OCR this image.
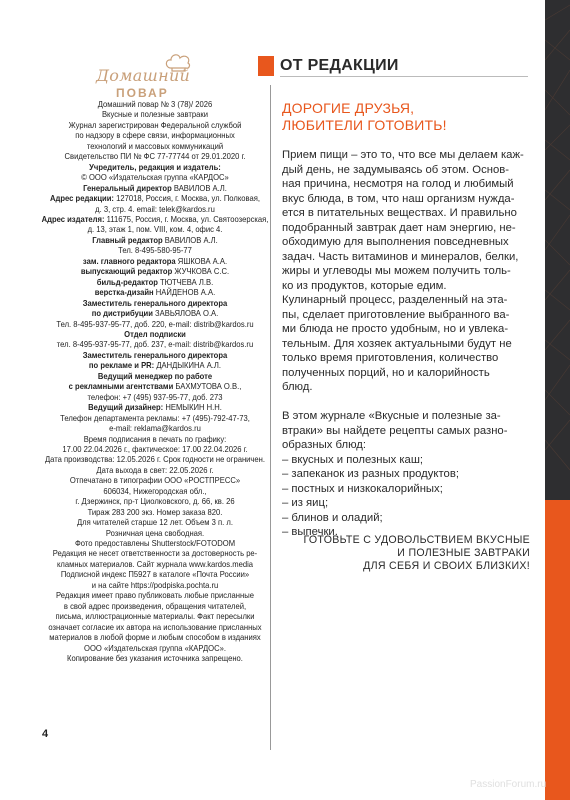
Домашний
ПОВАР
Домашний повар № 3 (78)/ 2026
Вкусные и полезные завтраки
Журнал зарегистрирован Федеральной службой
по надзору в сфере связи, информационных
технологий и массовых коммуникаций
Свидетельство ПИ № ФС 77-77744 от 29.01.2020 г.
Учредитель, редакция и издатель:
© ООО «Издательская группа «КАРДОС»
Генеральный директор ВАВИЛОВ А.Л.
Адрес редакции: 127018, Россия, г. Москва, ул. Полковая,
д. 3, стр. 4. email: telek@kardos.ru
Адрес издателя: 111675, Россия, г. Москва, ул. Святоозерская,
д. 13, этаж 1, пом. VIII, ком. 4, офис 4.
Главный редактор ВАВИЛОВ А.Л.
Тел. 8-495-580-95-77
зам. главного редактора ЯШКОВА А.А.
выпускающий редактор ЖУЧКОВА С.С.
бильд-редактор ТЮТЧЕВА Л.В.
верстка-дизайн НАЙДЕНОВ А.А.
Заместитель генерального директора
по дистрибуции ЗАВЬЯЛОВА О.А.
Тел. 8-495-937-95-77, доб. 220, e-mail: distrib@kardos.ru
Отдел подписки
тел. 8-495-937-95-77, доб. 237, e-mail: distrib@kardos.ru
Заместитель генерального директора
по рекламе и PR: ДАНДЫКИНА А.Л.
Ведущий менеджер по работе
с рекламными агентствами БАХМУТОВА О.В.,
телефон: +7 (495) 937-95-77, доб. 273
Ведущий дизайнер: НЕМЫКИН Н.Н.
Телефон департамента рекламы: +7 (495)-792-47-73,
e-mail: reklama@kardos.ru
Время подписания в печать по графику:
17.00 22.04.2026 г., фактическое: 17.00 22.04.2026 г.
Дата производства: 12.05.2026 г. Срок годности не ограничен.
Дата выхода в свет: 22.05.2026 г.
Отпечатано в типографии ООО «РОСТПРЕСС»
606034, Нижегородская обл.,
г. Дзержинск, пр-т Циолковского, д. 66, кв. 26
Тираж 283 200 экз. Номер заказа 820.
Для читателей старше 12 лет. Объем 3 п. л.
Розничная цена свободная.
Фото предоставлены Shutterstock/FOTODOM
Редакция не несет ответственности за достоверность ре-
кламных материалов. Сайт журнала www.kardos.media
Подписной индекс П5927 в каталоге «Почта России»
и на сайте https://podpiska.pochta.ru
Редакция имеет право публиковать любые присланные
в свой адрес произведения, обращения читателей,
письма, иллюстрационные материалы. Факт пересылки
означает согласие их автора на использование присланных
материалов в любой форме и любым способом в изданиях
ООО «Издательская группа «КАРДОС».
Копирование без указания источника запрещено.
4
ОТ РЕДАКЦИИ
ДОРОГИЕ ДРУЗЬЯ,
ЛЮБИТЕЛИ ГОТОВИТЬ!
Прием пищи – это то, что все мы делаем каж-
дый день, не задумываясь об этом. Основ-
ная причина, несмотря на голод и любимый
вкус блюда, в том, что наш организм нужда-
ется в питательных веществах. И правильно
подобранный завтрак дает нам энергию, не-
обходимую для выполнения повседневных
задач. Часть витаминов и минералов, белки,
жиры и углеводы мы можем получить толь-
ко из продуктов, которые едим.
Кулинарный процесс, разделенный на эта-
пы, сделает приготовление выбранного ва-
ми блюда не просто удобным, но и увлека-
тельным. Для хозяек актуальными будут не
только время приготовления, количество
полученных порций, но и калорийность
блюд.
В этом журнале «Вкусные и полезные за-
втраки» вы найдете рецепты самых разно-
образных блюд:
– вкусных и полезных каш;
– запеканок из разных продуктов;
– постных и низкокалорийных;
– из яиц;
– блинов и оладий;
– выпечки.
ГОТОВЬТЕ С УДОВОЛЬСТВИЕМ ВКУСНЫЕ
И ПОЛЕЗНЫЕ ЗАВТРАКИ
ДЛЯ СЕБЯ И СВОИХ БЛИЗКИХ!
PassionForum.ru
